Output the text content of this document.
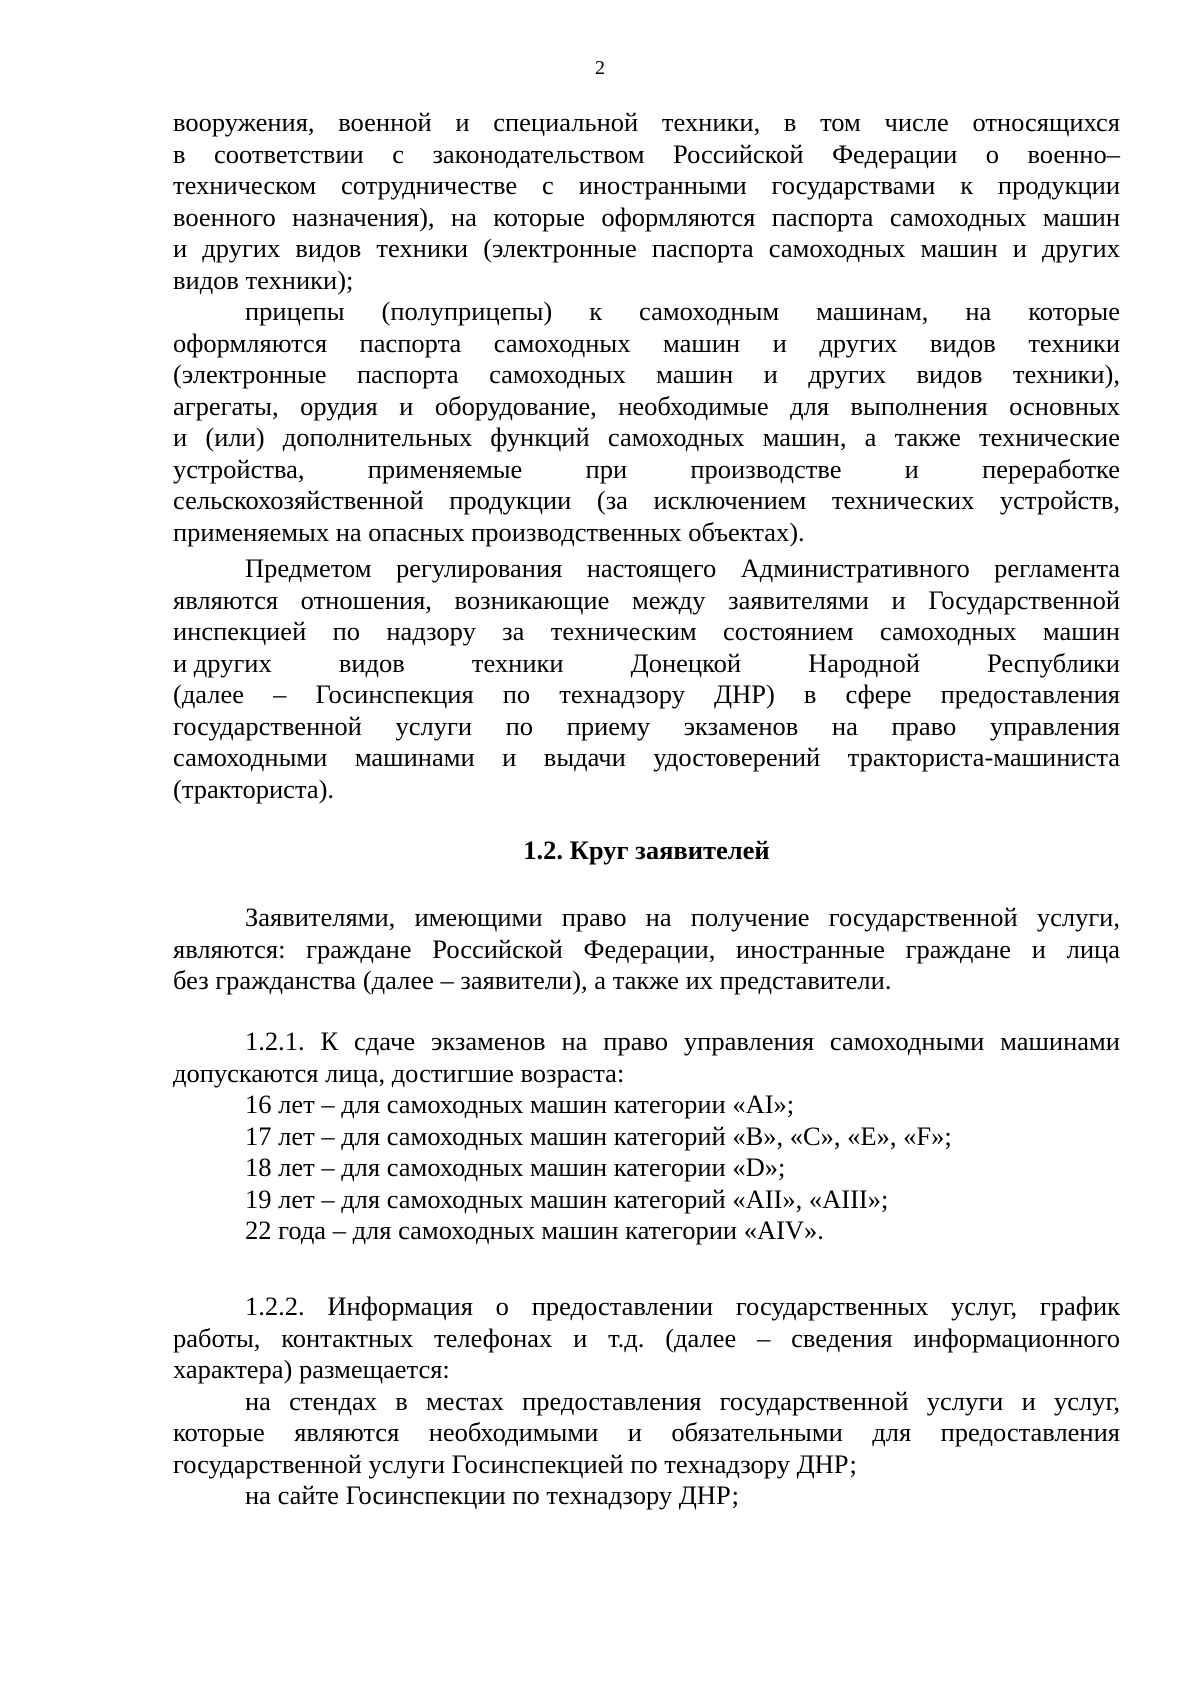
2
вооружения, военной и специальной техники, в том числе относящихся
в соответствии с законодательством Российской Федерации о военно–
техническом сотрудничестве с иностранными государствами к продукции
военного назначения), на которые оформляются паспорта самоходных машин
и других видов техники (электронные паспорта самоходных машин и других
видов техники);
прицепы (полуприцепы) к самоходным машинам, на которые
оформляются паспорта самоходных машин и других видов техники
(электронные паспорта самоходных машин и других видов техники),
агрегаты, орудия и оборудование, необходимые для выполнения основных
и (или) дополнительных функций самоходных машин, а также технические
устройства, применяемые при производстве и переработке
сельскохозяйственной продукции (за исключением технических устройств,
применяемых на опасных производственных объектах).
Предметом регулирования настоящего Административного регламента
являются отношения, возникающие между заявителями и Государственной
инспекцией по надзору за техническим состоянием самоходных машин
и других	видов	техники	Донецкой	Народной	Республики
(далее – Госинспекция по технадзору ДНР) в сфере предоставления
государственной услуги по приему экзаменов на право управления
самоходными машинами и выдачи удостоверений тракториста-машиниста
(тракториста).
1.2. Круг заявителей
Заявителями, имеющими право на получение государственной услуги,
являются: граждане Российской Федерации, иностранные граждане и лица
без гражданства (далее – заявители), а также их представители.
1.2.1. К сдаче экзаменов на право управления самоходными машинами
допускаются лица, достигшие возраста:
16 лет – для самоходных машин категории «AI»;
17 лет – для самоходных машин категорий «B», «C», «E», «F»;
18 лет – для самоходных машин категории «D»;
19 лет – для самоходных машин категорий «AII», «AIII»;
22 года – для самоходных машин категории «AIV».
1.2.2. Информация о предоставлении государственных услуг, график
работы, контактных телефонах и т.д. (далее – сведения информационного
характера) размещается:
на стендах в местах предоставления государственной услуги и услуг,
которые являются необходимыми и обязательными для предоставления
государственной услуги Госинспекцией по технадзору ДНР;
на сайте Госинспекции по технадзору ДНР;
